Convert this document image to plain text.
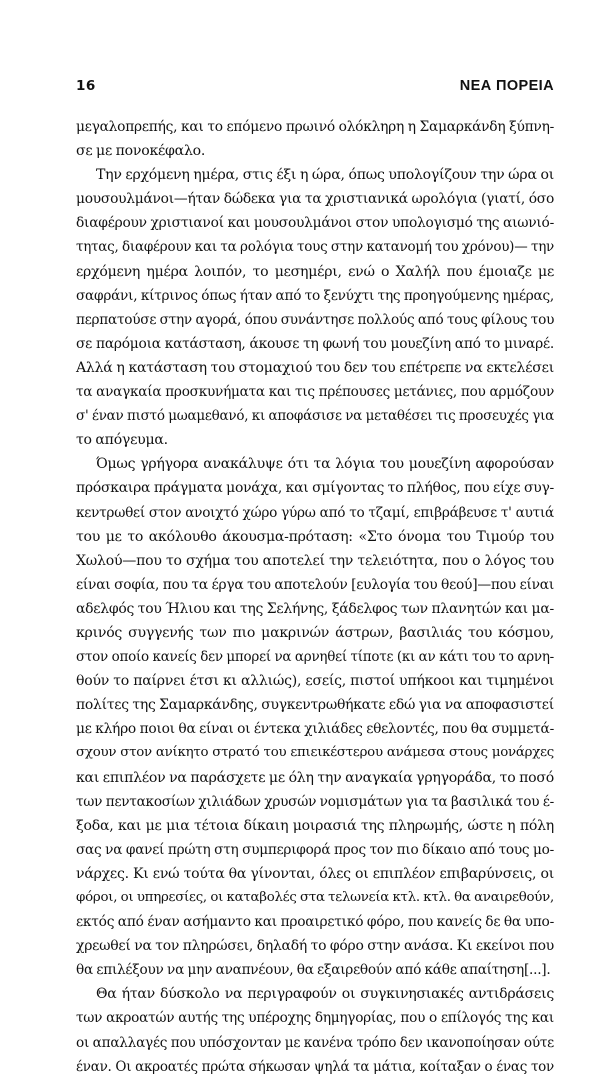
16	ΝΕΑ ΠΟΡΕΙΑ
μεγαλοπρεπής, και το επόμενο πρωινό ολόκληρη η Σαμαρκάνδη ξύπνη-
σε με πονοκέφαλο.
Την ερχόμενη ημέρα, στις έξι η ώρα, όπως υπολογίζουν την ώρα οι
μουσουλμάνοι—ήταν δώδεκα για τα χριστιανικά ωρολόγια (γιατί, όσο
διαφέρουν χριστιανοί και μουσουλμάνοι στον υπολογισμό της αιωνιό-
τητας, διαφέρουν και τα ρολόγια τους στην κατανομή του χρόνου)— την
ερχόμενη ημέρα λοιπόν, το μεσημέρι, ενώ ο Χαλήλ που έμοιαζε με
σαφράνι, κίτρινος όπως ήταν από το ξενύχτι της προηγούμενης ημέρας,
περπατούσε στην αγορά, όπου συνάντησε πολλούς από τους φίλους του
σε παρόμοια κατάσταση, άκουσε τη φωνή του μουεζίνη από το μιναρέ.
Αλλά η κατάσταση του στομαχιού του δεν του επέτρεπε να εκτελέσει
τα αναγκαία προσκυνήματα και τις πρέπουσες μετάνιες, που αρμόζουν
σ' έναν πιστό μωαμεθανό, κι αποφάσισε να μεταθέσει τις προσευχές για
το απόγευμα.
Όμως γρήγορα ανακάλυψε ότι τα λόγια του μουεζίνη αφορούσαν
πρόσκαιρα πράγματα μονάχα, και σμίγοντας το πλήθος, που είχε συγ-
κεντρωθεί στον ανοιχτό χώρο γύρω από το τζαμί, επιβράβευσε τ' αυτιά
του με το ακόλουθο άκουσμα-πρόταση: «Στο όνομα του Τιμούρ του
Χωλού—που το σχήμα του αποτελεί την τελειότητα, που ο λόγος του
είναι σοφία, που τα έργα του αποτελούν [ευλογία του θεού]—που είναι
αδελφός του Ήλιου και της Σελήνης, ξάδελφος των πλανητών και μα-
κρινός συγγενής των πιο μακρινών άστρων, βασιλιάς του κόσμου,
στον οποίο κανείς δεν μπορεί να αρνηθεί τίποτε (κι αν κάτι του το αρνη-
θούν το παίρνει έτσι κι αλλιώς), εσείς, πιστοί υπήκοοι και τιμημένοι
πολίτες της Σαμαρκάνδης, συγκεντρωθήκατε εδώ για να αποφασιστεί
με κλήρο ποιοι θα είναι οι έντεκα χιλιάδες εθελοντές, που θα συμμετά-
σχουν στον ανίκητο στρατό του επιεικέστερου ανάμεσα στους μονάρχες
και επιπλέον να παράσχετε με όλη την αναγκαία γρηγοράδα, το ποσό
των πεντακοσίων χιλιάδων χρυσών νομισμάτων για τα βασιλικά του έ-
ξοδα, και με μια τέτοια δίκαιη μοιρασιά της πληρωμής, ώστε η πόλη
σας να φανεί πρώτη στη συμπεριφορά προς τον πιο δίκαιο από τους μο-
νάρχες. Κι ενώ τούτα θα γίνονται, όλες οι επιπλέον επιβαρύνσεις, οι
φόροι, οι υπηρεσίες, οι καταβολές στα τελωνεία κτλ. κτλ. θα αναιρεθούν,
εκτός από έναν ασήμαντο και προαιρετικό φόρο, που κανείς δε θα υπο-
χρεωθεί να τον πληρώσει, δηλαδή το φόρο στην ανάσα. Κι εκείνοι που
θα επιλέξουν να μην αναπνέουν, θα εξαιρεθούν από κάθε απαίτηση[...].
Θα ήταν δύσκολο να περιγραφούν οι συγκινησιακές αντιδράσεις
των ακροατών αυτής της υπέροχης δημηγορίας, που ο επίλογός της και
οι απαλλαγές που υπόσχονταν με κανένα τρόπο δεν ικανοποίησαν ούτε
έναν. Οι ακροατές πρώτα σήκωσαν ψηλά τα μάτια, κοίταξαν ο ένας τον
